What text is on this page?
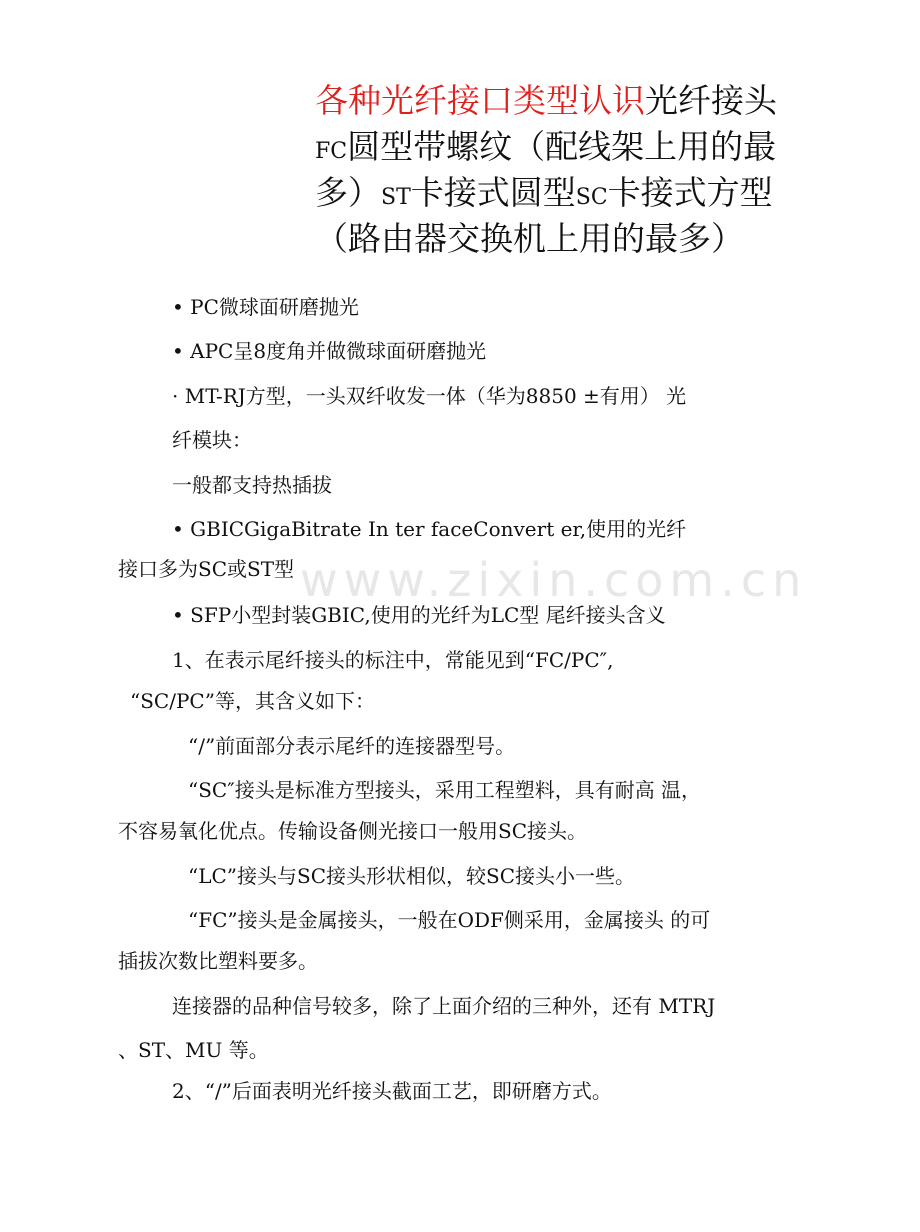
www.zixin.com.cn
各种光纤接口类型认识光纤接头
FC圆型带螺纹（配线架上用的最
多）ST卡接式圆型SC卡接式方型
（路由器交换机上用的最多）
• PC微球面研磨抛光
• APC呈8度角并做微球面研磨抛光
· MT-RJ方型，一头双纤收发一体（华为8850 ±有用） 光
纤模块：
一般都支持热插拔
• GBICGigaBitrate In ter faceConvert er,使用的光纤
接口多为SC或ST型
• SFP小型封装GBIC,使用的光纤为LC型 尾纤接头含义
1、在表示尾纤接头的标注中，常能见到“FC/PC″,
“SC/PC”等，其含义如下：
“/”前面部分表示尾纤的连接器型号。
“SC″接头是标准方型接头，采用工程塑料，具有耐高 温，
不容易氧化优点。传输设备侧光接口一般用SC接头。
“LC”接头与SC接头形状相似，较SC接头小一些。
“FC”接头是金属接头，一般在ODF侧采用，金属接头 的可
插拔次数比塑料要多。
连接器的品种信号较多，除了上面介绍的三种外，还有 MTRJ
、ST、MU 等。
2、“/”后面表明光纤接头截面工艺，即研磨方式。
